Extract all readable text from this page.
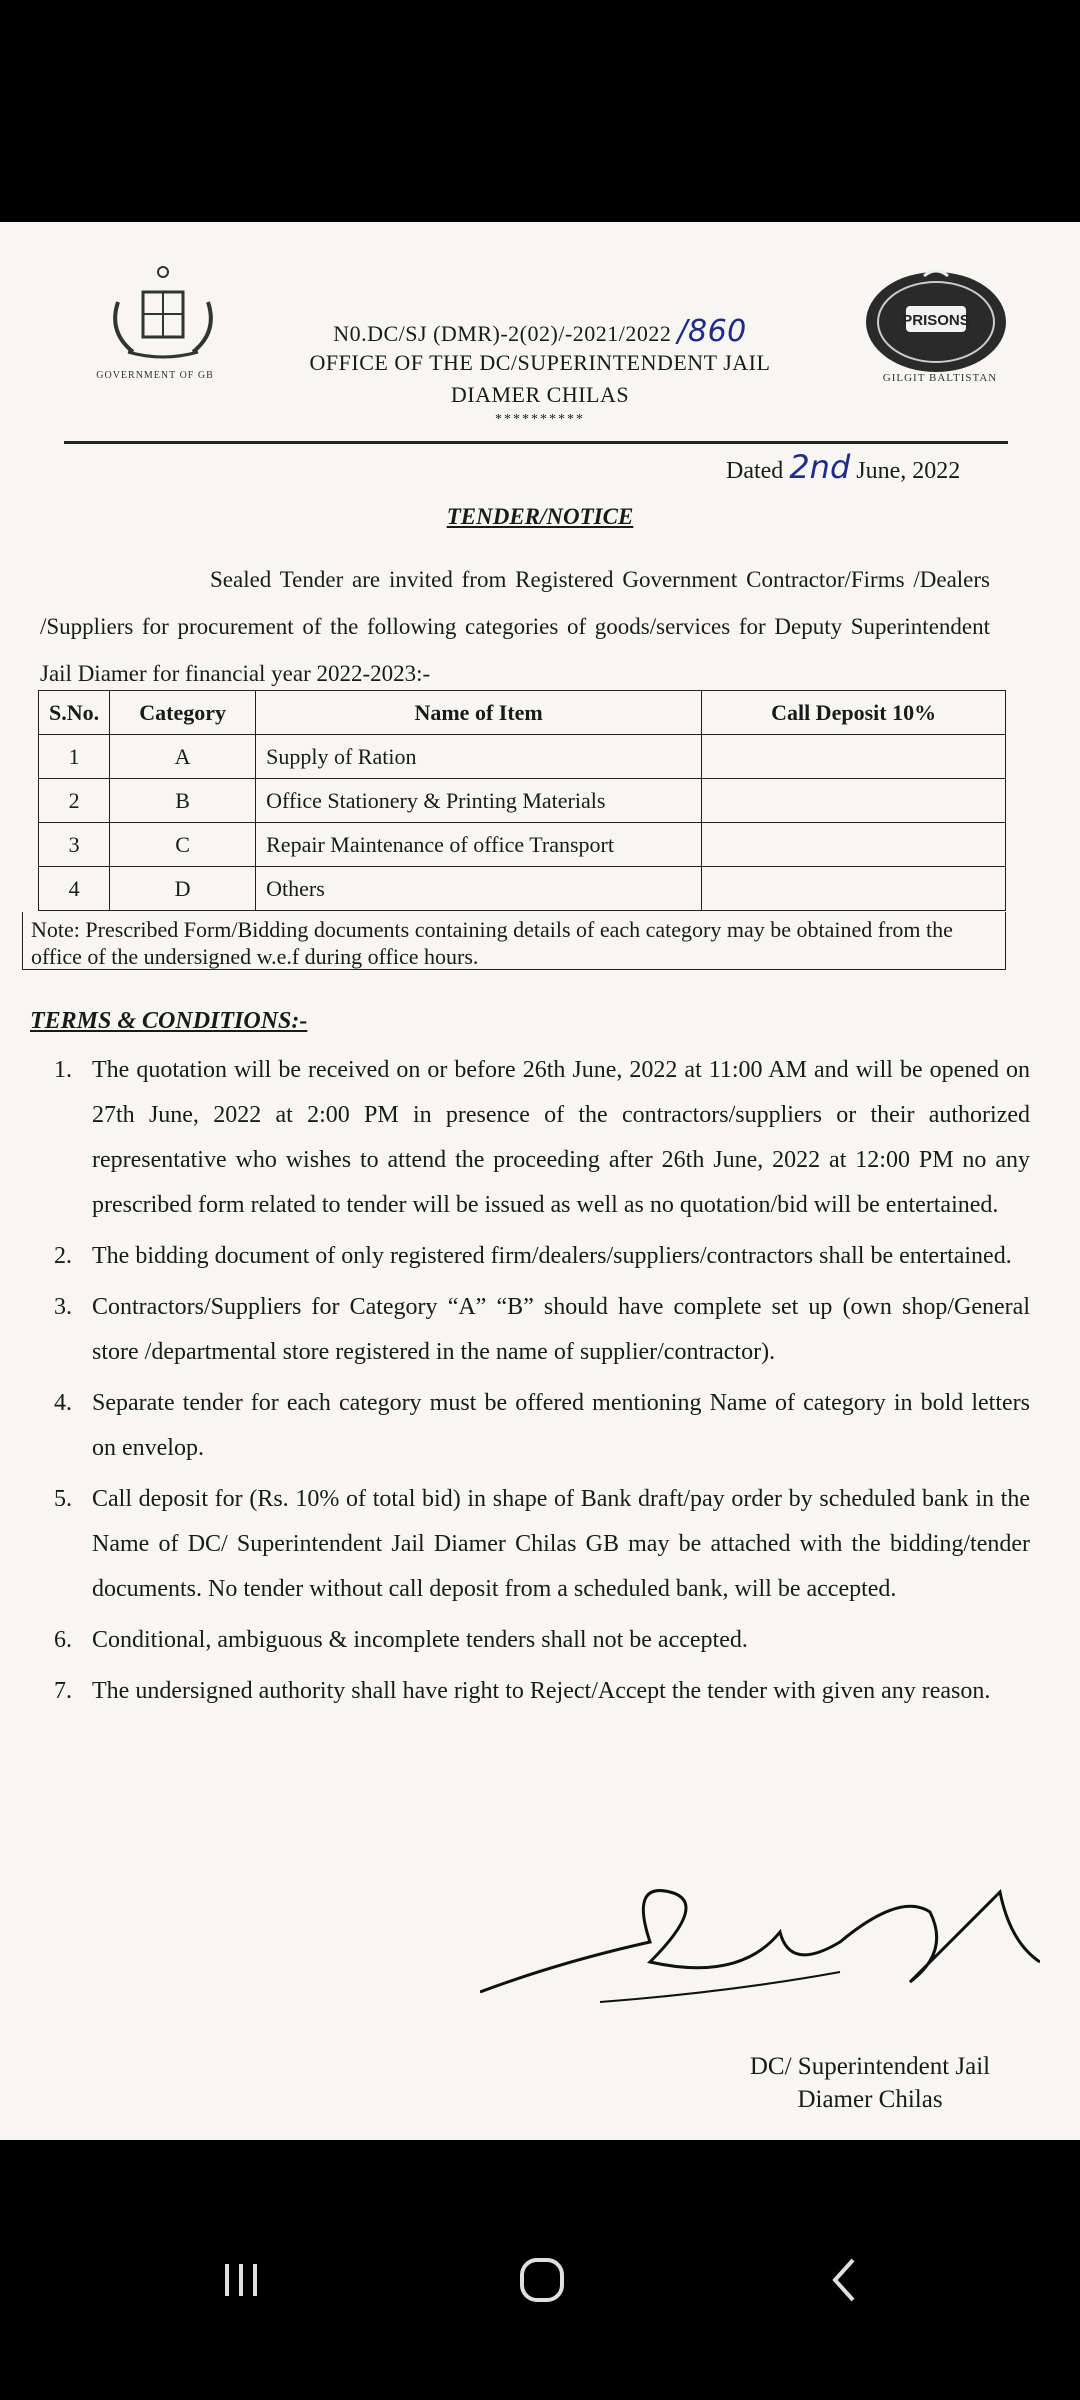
GOVERNMENT OF GB
PRISONS
GILGIT BALTISTAN
N0.DC/SJ (DMR)-2(02)/-2021/2022 /860
OFFICE OF THE DC/SUPERINTENDENT JAIL
DIAMER CHILAS
**********
Dated 2nd June, 2022
TENDER/NOTICE

Sealed Tender are invited from Registered Government Contractor/Firms /Dealers /Suppliers for procurement of the following categories of goods/services for Deputy Superintendent Jail Diamer for financial year 2022-2023:-

S.No.	Category	Name of Item	Call Deposit 10%
1	A	Supply of Ration	
2	B	Office Stationery & Printing Materials	
3	C	Repair Maintenance of office Transport	
4	D	Others	
Note: Prescribed Form/Bidding documents containing details of each category may be obtained from the office of the undersigned w.e.f during office hours.
TERMS & CONDITIONS:-
1. The quotation will be received on or before 26th June, 2022 at 11:00 AM and will be opened on 27th June, 2022 at 2:00 PM in presence of the contractors/suppliers or their authorized representative who wishes to attend the proceeding after 26th June, 2022 at 12:00 PM no any prescribed form related to tender will be issued as well as no quotation/bid will be entertained.
2. The bidding document of only registered firm/dealers/suppliers/contractors shall be entertained.
3. Contractors/Suppliers for Category “A” “B” should have complete set up (own shop/General store /departmental store registered in the name of supplier/contractor).
4. Separate tender for each category must be offered mentioning Name of category in bold letters on envelop.
5. Call deposit for (Rs. 10% of total bid) in shape of Bank draft/pay order by scheduled bank in the Name of DC/ Superintendent Jail Diamer Chilas GB may be attached with the bidding/tender documents. No tender without call deposit from a scheduled bank, will be accepted.
6. Conditional, ambiguous & incomplete tenders shall not be accepted.
7. The undersigned authority shall have right to Reject/Accept the tender with given any reason.
DC/ Superintendent Jail
Diamer Chilas
